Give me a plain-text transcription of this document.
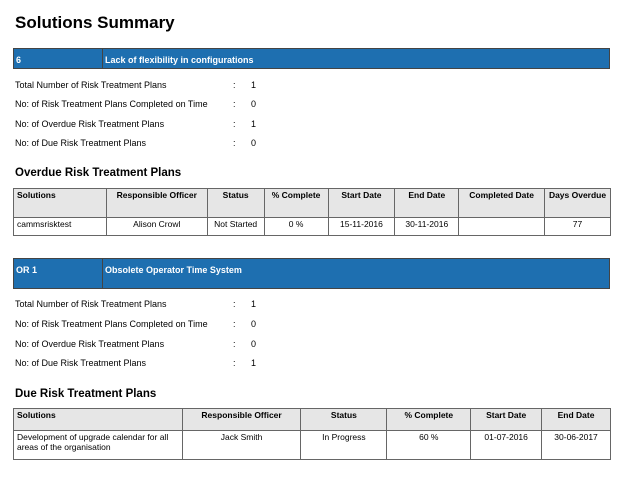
Solutions Summary
6	Lack of flexibility in configurations
Total Number of Risk Treatment Plans	: 1
No: of Risk Treatment Plans Completed on Time	: 0
No: of Overdue Risk Treatment Plans	: 1
No: of Due Risk Treatment Plans	: 0
Overdue Risk Treatment Plans
Solutions	Responsible Officer	Status	% Complete	Start Date	End Date	Completed Date	Days Overdue
cammsrisktest	Alison Crowl	Not Started	0 %	15-11-2016	30-11-2016		77
OR 1	Obsolete Operator Time System
Total Number of Risk Treatment Plans	: 1
No: of Risk Treatment Plans Completed on Time	: 0
No: of Overdue Risk Treatment Plans	: 0
No: of Due Risk Treatment Plans	: 1
Due Risk Treatment Plans
Solutions	Responsible Officer	Status	% Complete	Start Date	End Date
Development of upgrade calendar for all areas of the organisation	Jack Smith	In Progress	60 %	01-07-2016	30-06-2017
